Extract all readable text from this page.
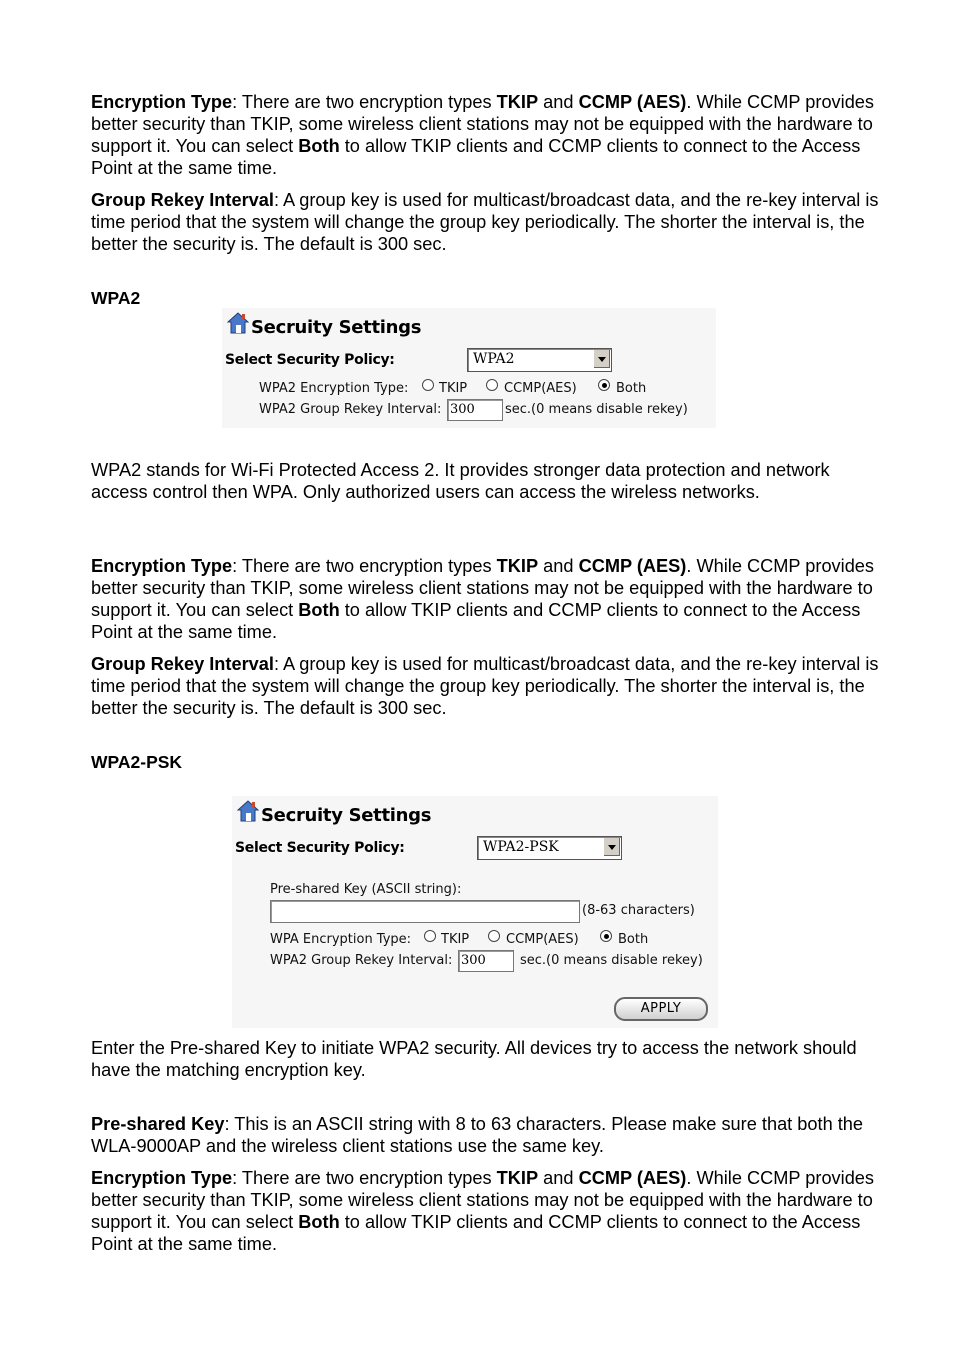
Encryption Type: There are two encryption types TKIP and CCMP (AES). While CCMP provides better security than TKIP, some wireless client stations may not be equipped with the hardware to support it. You can select Both to allow TKIP clients and CCMP clients to connect to the Access Point at the same time.

Group Rekey Interval: A group key is used for multicast/broadcast data, and the re-key interval is time period that the system will change the group key periodically. The shorter the interval is, the better the security is. The default is 300 sec.

WPA2

Secruity Settings
Select Security Policy:	WPA2
WPA2 Encryption Type: TKIP	CCMP(AES)	Both
WPA2 Group Rekey Interval: 300 sec.(0 means disable rekey)

WPA2 stands for Wi-Fi Protected Access 2. It provides stronger data protection and network access control then WPA. Only authorized users can access the wireless networks.

Encryption Type: There are two encryption types TKIP and CCMP (AES). While CCMP provides better security than TKIP, some wireless client stations may not be equipped with the hardware to support it. You can select Both to allow TKIP clients and CCMP clients to connect to the Access Point at the same time.

Group Rekey Interval: A group key is used for multicast/broadcast data, and the re-key interval is time period that the system will change the group key periodically. The shorter the interval is, the better the security is. The default is 300 sec.

WPA2-PSK

Secruity Settings
Select Security Policy:	WPA2-PSK
Pre-shared Key (ASCII string):
(8-63 characters)
WPA Encryption Type: TKIP	CCMP(AES)	Both
WPA2 Group Rekey Interval: 300	sec.(0 means disable rekey)
APPLY

Enter the Pre-shared Key to initiate WPA2 security. All devices try to access the network should have the matching encryption key.

Pre-shared Key: This is an ASCII string with 8 to 63 characters. Please make sure that both the WLA-9000AP and the wireless client stations use the same key.

Encryption Type: There are two encryption types TKIP and CCMP (AES). While CCMP provides better security than TKIP, some wireless client stations may not be equipped with the hardware to support it. You can select Both to allow TKIP clients and CCMP clients to connect to the Access Point at the same time.
